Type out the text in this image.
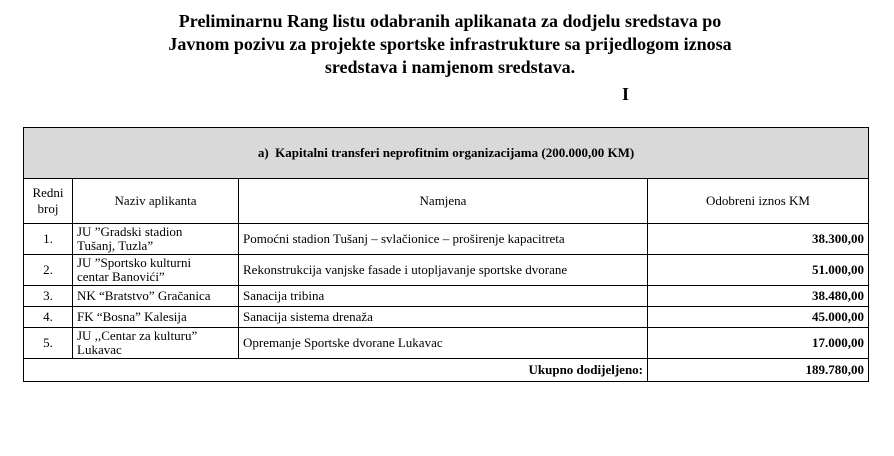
Preliminarnu Rang listu odabranih aplikanata za dodjelu sredstava po
Javnom pozivu za projekte sportske infrastrukture sa prijedlogom iznosa
sredstava i namjenom sredstava.
I
a) Kapitalni transferi neprofitnim organizacijama (200.000,00 KM)			

Redni
broj	Naziv aplikanta	Namjena	Odobreni iznos KM
1.	JU ”Gradski stadion
Tušanj, Tuzla”	Pomoćni stadion Tušanj – svlačionice – proširenje kapacitreta	38.300,00
2.	JU ”Sportsko kulturni
centar Banovići”	Rekonstrukcija vanjske fasade i utopljavanje sportske dvorane	51.000,00
3.	NK “Bratstvo” Gračanica	Sanacija tribina	38.480,00
4.	FK “Bosna” Kalesija	Sanacija sistema drenaža	45.000,00
5.	JU ,,Centar za kulturu”
Lukavac	Opremanje Sportske dvorane Lukavac	17.000,00
Ukupno dodijeljeno:			189.780,00
